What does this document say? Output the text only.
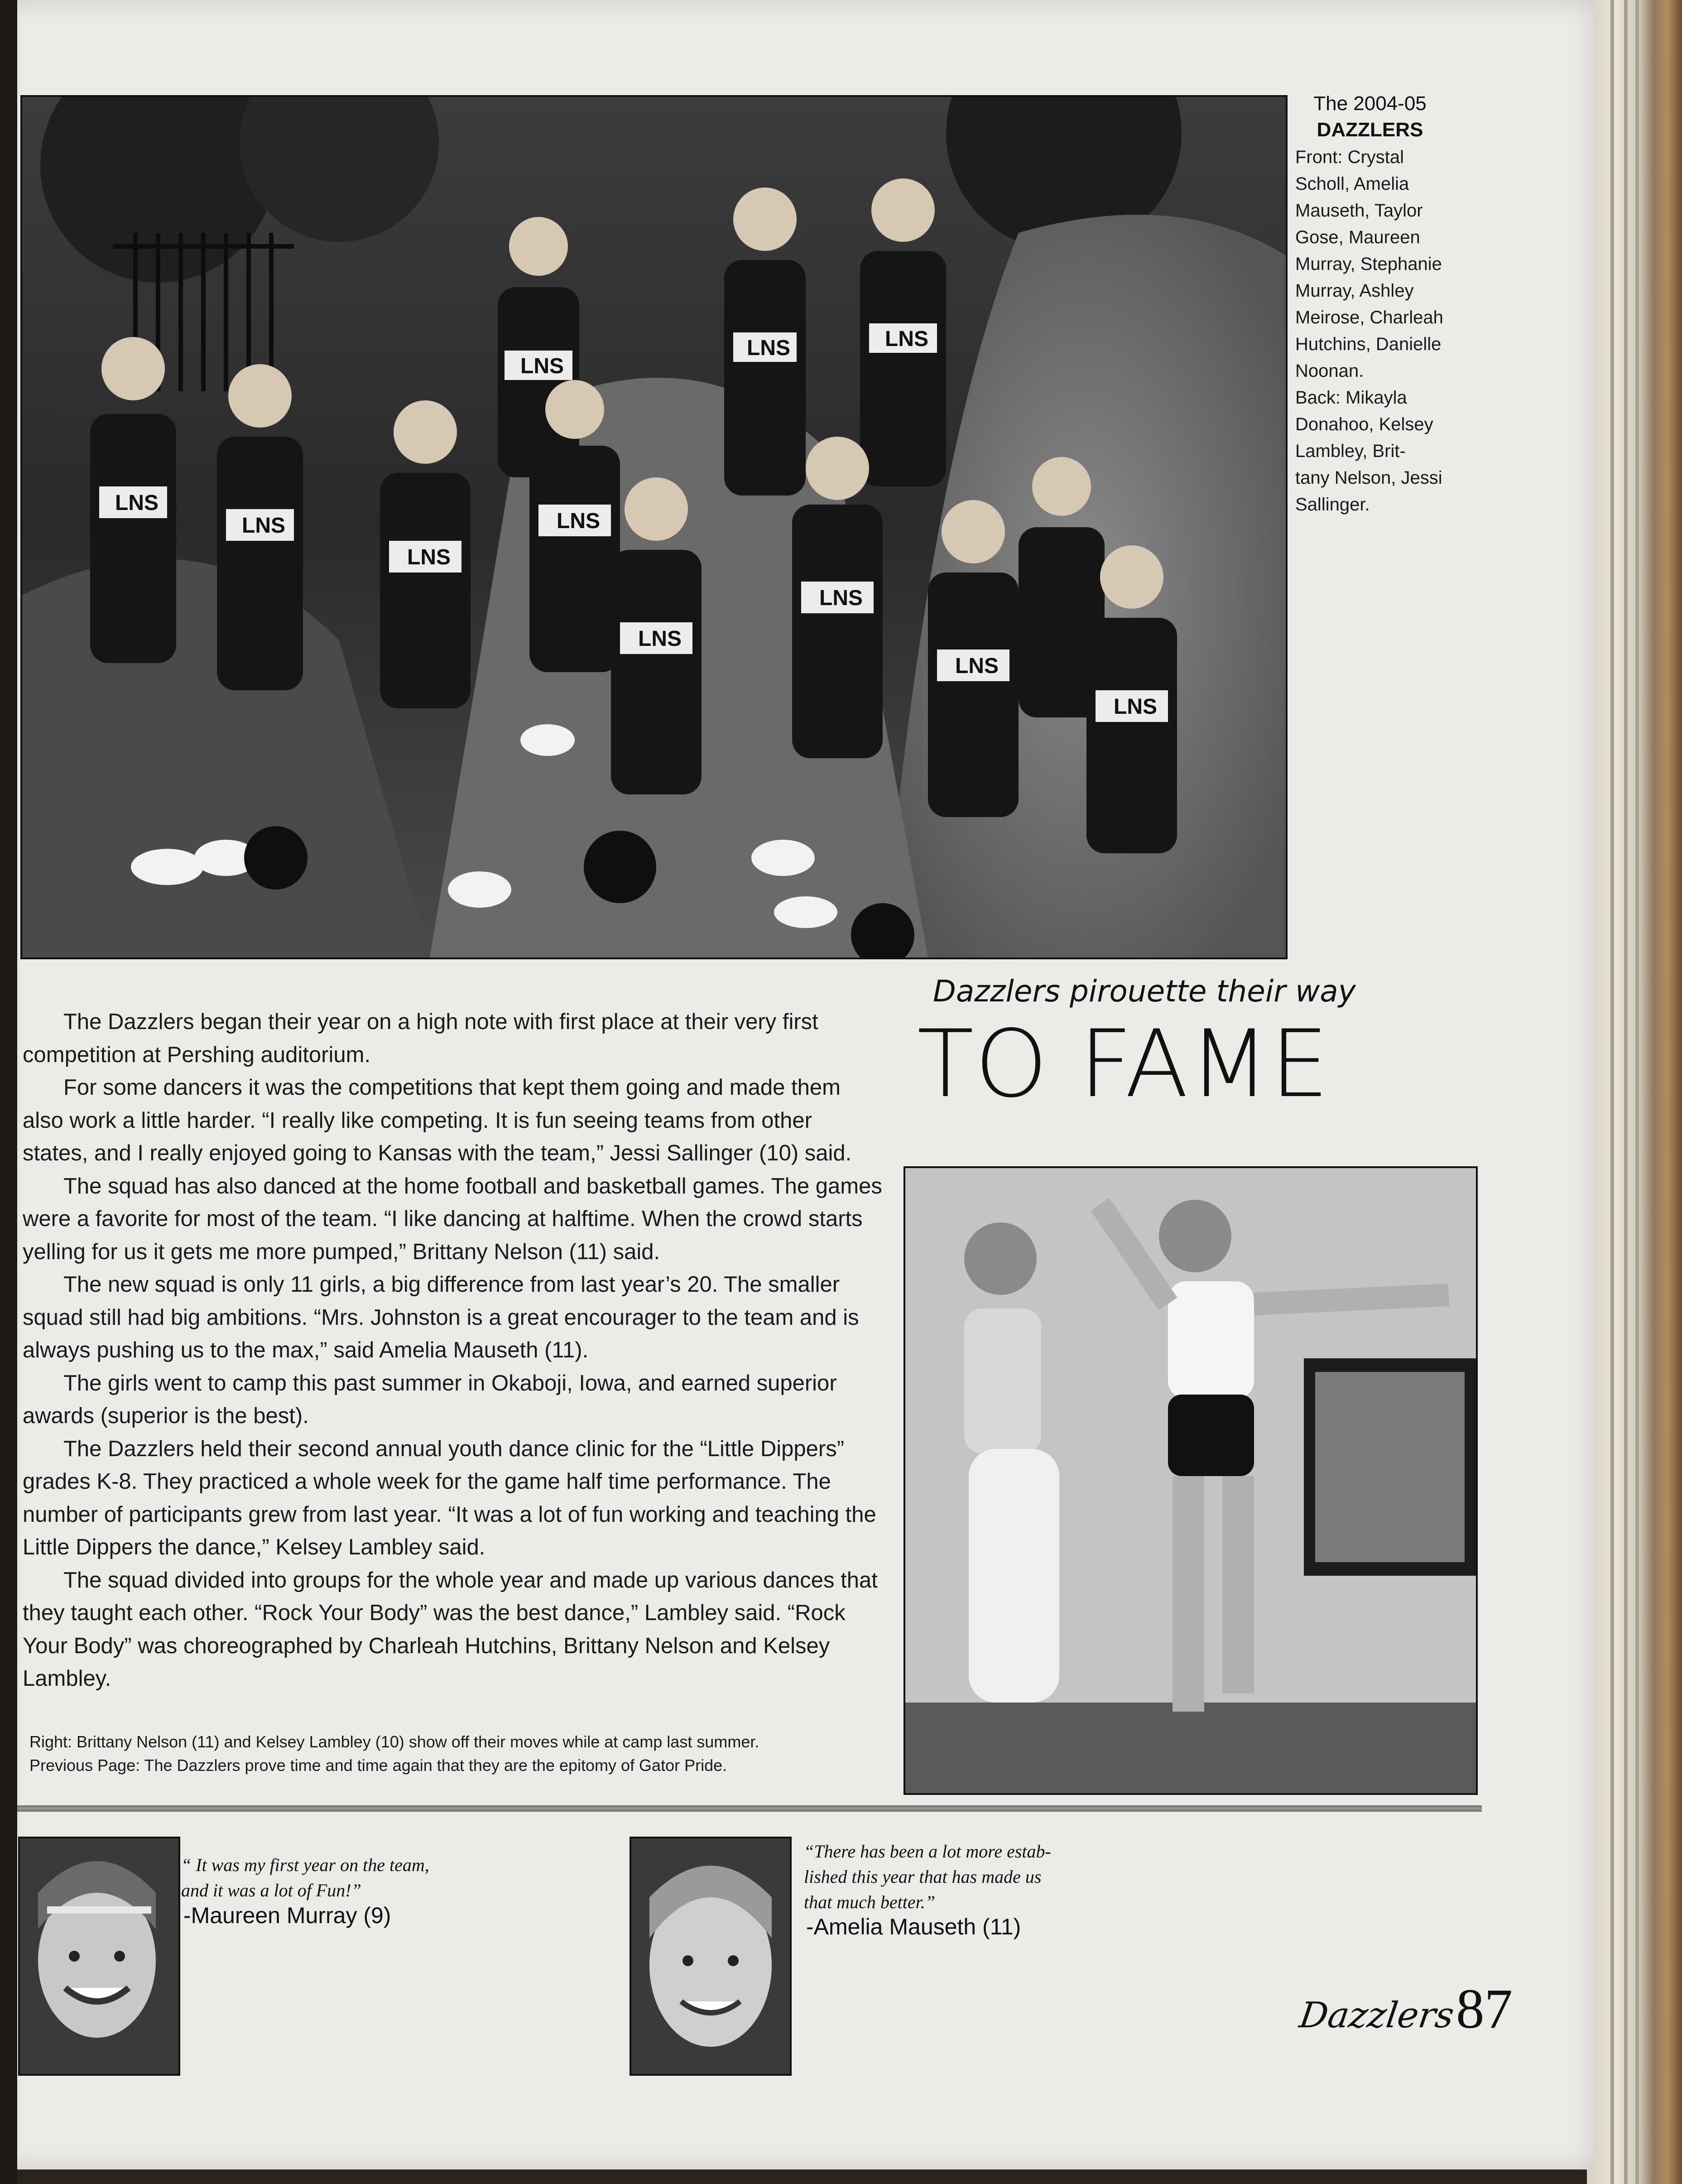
LNS
LNS
LNS
LNS
LNS
LNS	LNS
LNS
LNS
LNS
LNS
The 2004-05
DAZZLERS
Front: Crystal
Scholl, Amelia
Mauseth, Taylor
Gose, Maureen
Murray, Stephanie
Murray, Ashley
Meirose, Charleah
Hutchins, Danielle
Noonan.
Back: Mikayla
Donahoo, Kelsey
Lambley, Brit-
tany Nelson, Jessi
Sallinger.
Dazzlers pirouette their way
TO FAME

The Dazzlers began their year on a high note with first place at their very first competition at Pershing auditorium.

For some dancers it was the competitions that kept them going and made them also work a little harder. “I really like competing. It is fun seeing teams from other states, and I really enjoyed going to Kansas with the team,” Jessi Sallinger (10) said.

The squad has also danced at the home football and basketball games. The games were a favorite for most of the team. “I like dancing at halftime. When the crowd starts yelling for us it gets me more pumped,” Brittany Nelson (11) said.

The new squad is only 11 girls, a big difference from last year’s 20. The smaller squad still had big ambitions. “Mrs. Johnston is a great encourager to the team and is always pushing us to the max,” said Amelia Mauseth (11).

The girls went to camp this past summer in Okaboji, Iowa, and earned superior awards (superior is the best).

The Dazzlers held their second annual youth dance clinic for the “Little Dippers” grades K-8. They practiced a whole week for the game half time performance. The number of participants grew from last year. “It was a lot of fun working and teaching the Little Dippers the dance,” Kelsey Lambley said.

The squad divided into groups for the whole year and made up various dances that they taught each other. “Rock Your Body” was the best dance,” Lambley said. “Rock Your Body” was choreographed by Charleah Hutchins, Brittany Nelson and Kelsey Lambley.

Right: Brittany Nelson (11) and Kelsey Lambley (10) show off their moves while at camp last summer.
Previous Page: The Dazzlers prove time and time again that they are the epitomy of Gator Pride.
“ It was my first year on the team,
and it was a lot of Fun!”
-Maureen Murray (9)
“There has been a lot more estab-
lished this year that has made us
that much better.”
-Amelia Mauseth (11)
Dazzlers 87
